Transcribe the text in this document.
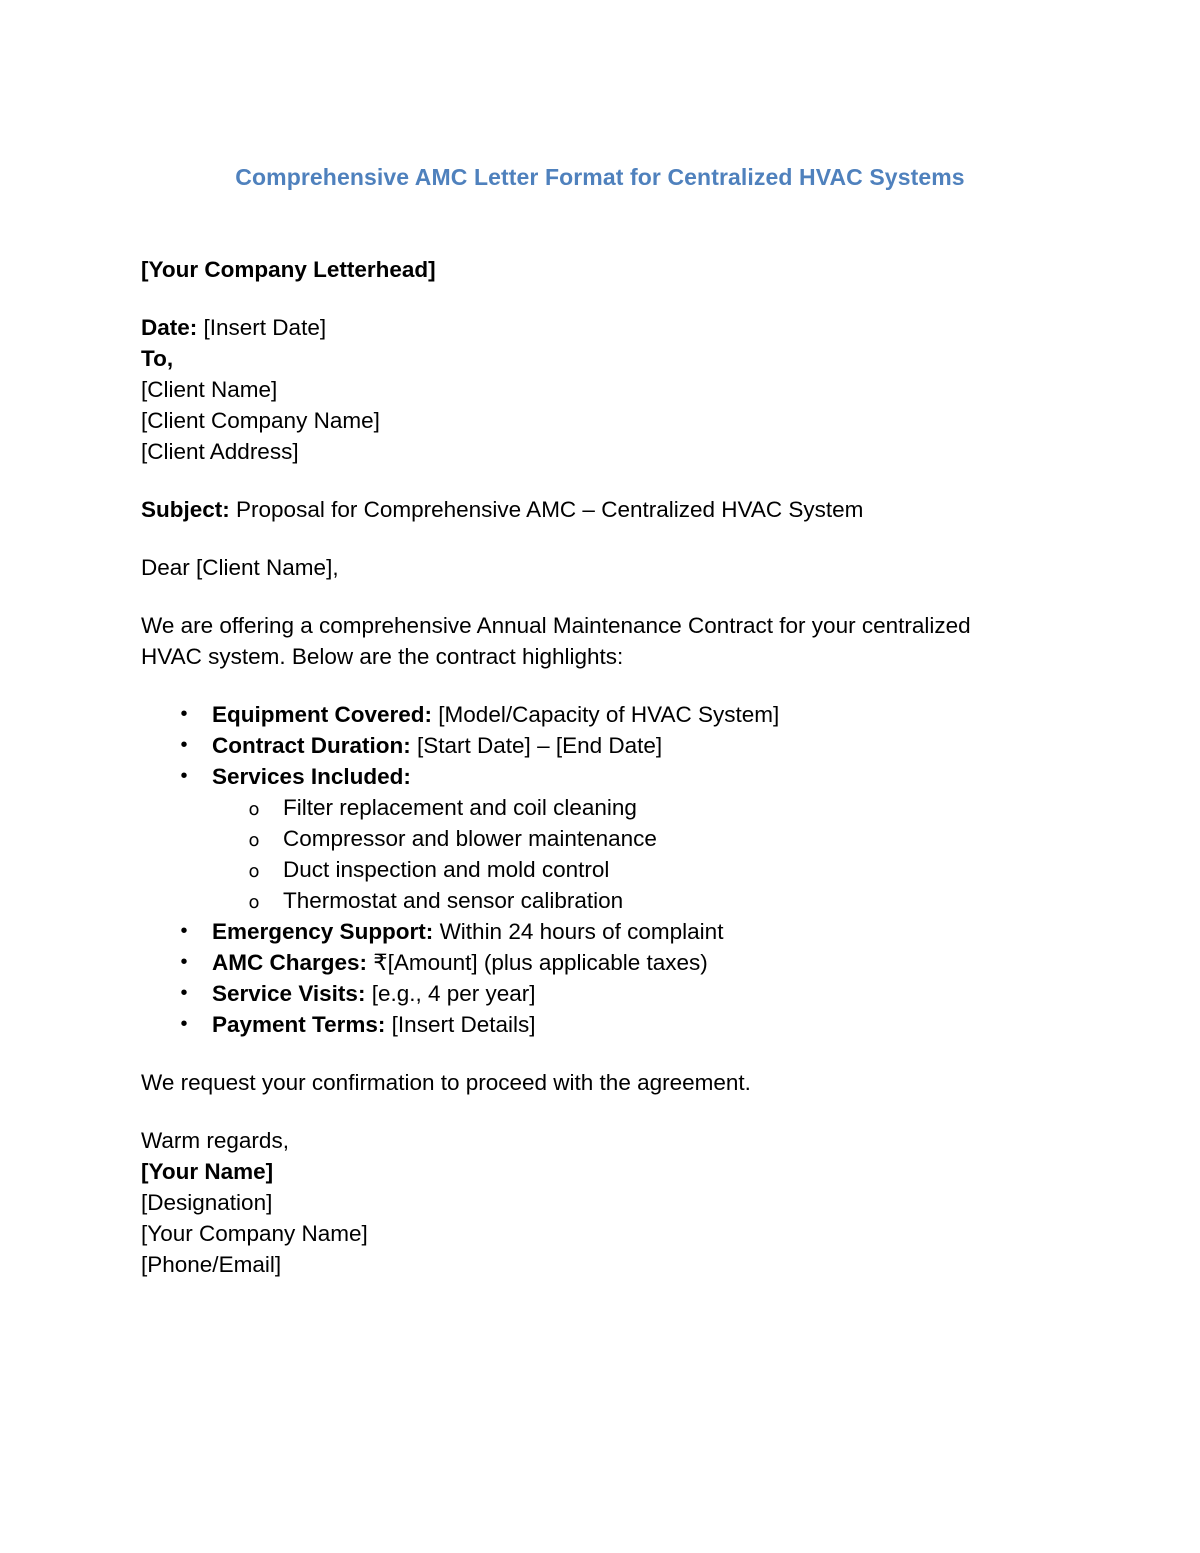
Comprehensive AMC Letter Format for Centralized HVAC Systems
[Your Company Letterhead]
Date: [Insert Date]
To,
[Client Name]
[Client Company Name]
[Client Address]
Subject: Proposal for Comprehensive AMC – Centralized HVAC System
Dear [Client Name],
We are offering a comprehensive Annual Maintenance Contract for your centralized
HVAC system. Below are the contract highlights:
• Equipment Covered: [Model/Capacity of HVAC System]
• Contract Duration: [Start Date] – [End Date]
• Services Included:
o Filter replacement and coil cleaning
o Compressor and blower maintenance
o Duct inspection and mold control
o Thermostat and sensor calibration
• Emergency Support: Within 24 hours of complaint
• AMC Charges: ₹[Amount] (plus applicable taxes)
• Service Visits: [e.g., 4 per year]
• Payment Terms: [Insert Details]
We request your confirmation to proceed with the agreement.
Warm regards,
[Your Name]
[Designation]
[Your Company Name]
[Phone/Email]
